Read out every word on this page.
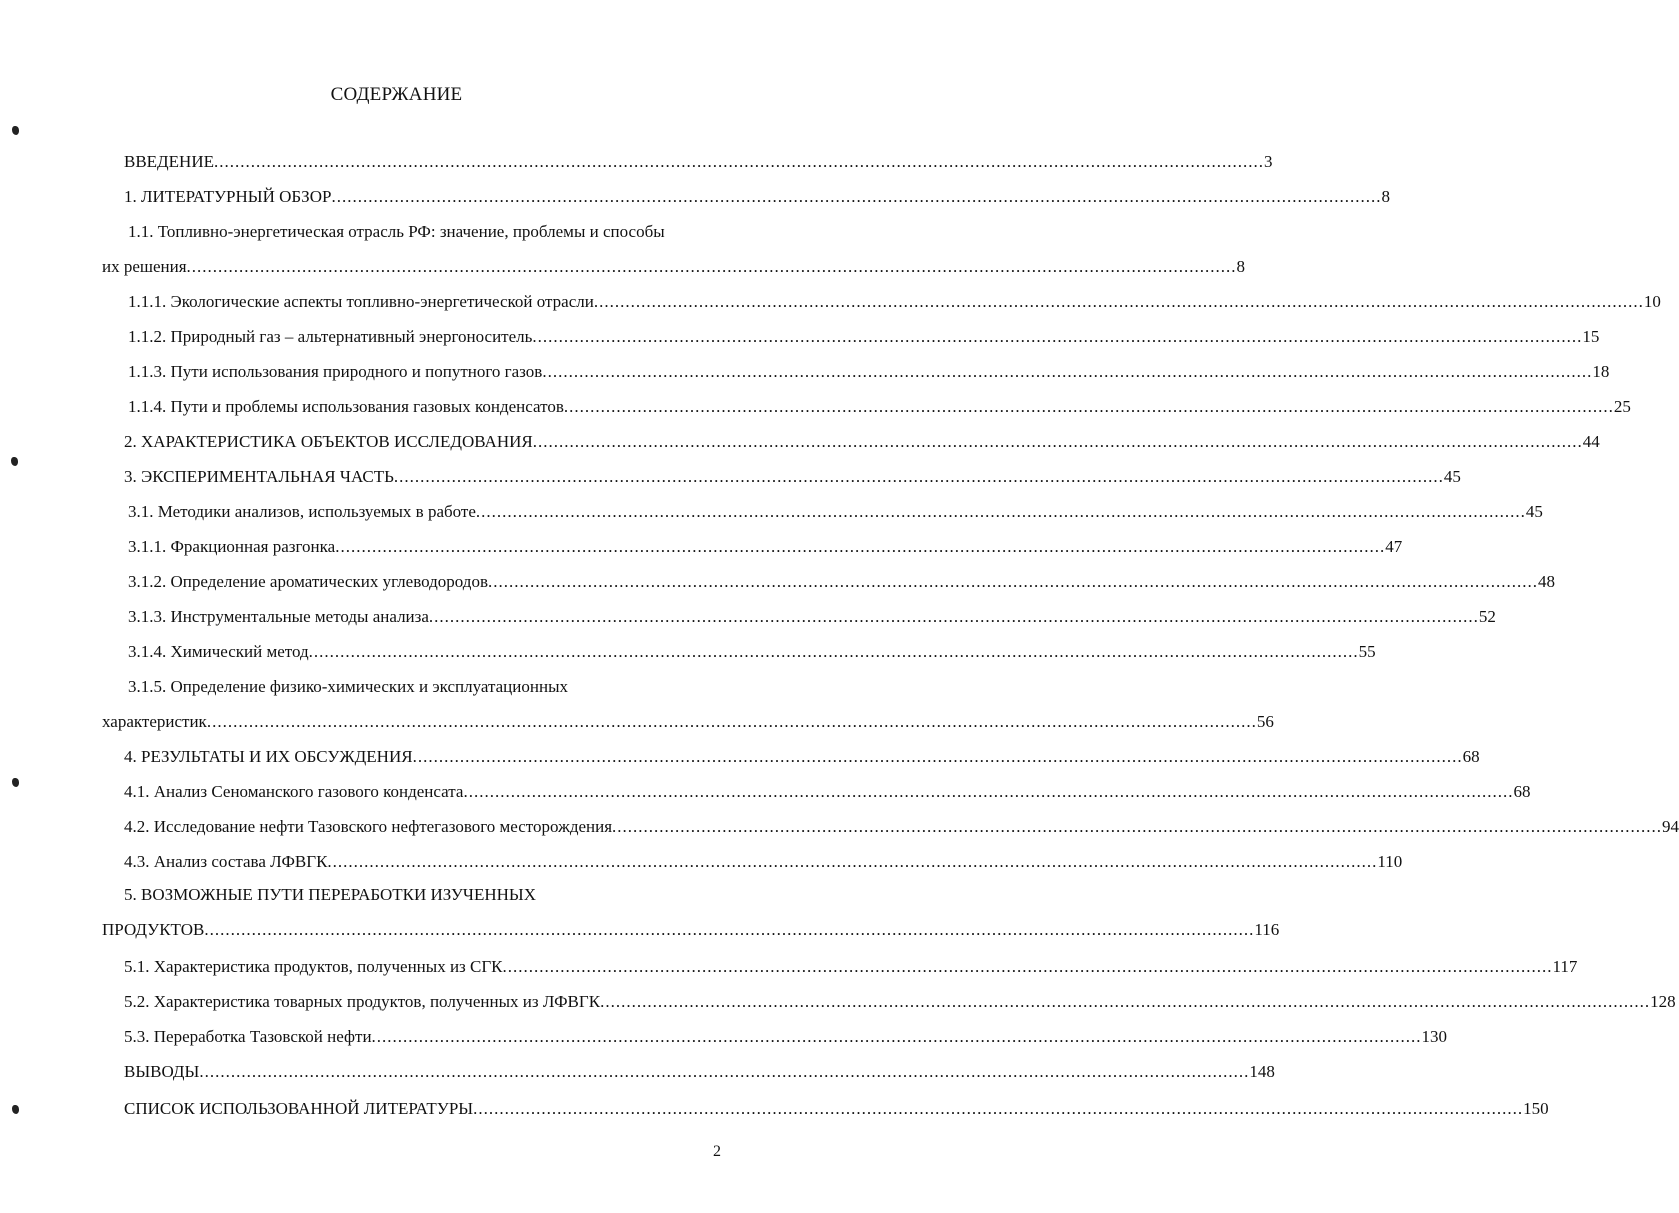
СОДЕРЖАНИЕ
ВВЕДЕНИЕ ........................................................................................................................................................................................................ 3
1. ЛИТЕРАТУРНЫЙ ОБЗОР ........................................................................................................................................................................................................ 8
1.1. Топливно-энергетическая отрасль РФ: значение, проблемы и способы
их решения ........................................................................................................................................................................................................ 8
1.1.1. Экологические аспекты топливно-энергетической отрасли ........................................................................................................................................................................................................ 10
1.1.2. Природный газ – альтернативный энергоноситель ........................................................................................................................................................................................................ 15
1.1.3. Пути использования природного и попутного газов ........................................................................................................................................................................................................ 18
1.1.4. Пути и проблемы использования газовых конденсатов ........................................................................................................................................................................................................ 25
2. ХАРАКТЕРИСТИКА ОБЪЕКТОВ ИССЛЕДОВАНИЯ ........................................................................................................................................................................................................ 44
3. ЭКСПЕРИМЕНТАЛЬНАЯ ЧАСТЬ ........................................................................................................................................................................................................ 45
3.1. Методики анализов, используемых в работе ........................................................................................................................................................................................................ 45
3.1.1. Фракционная разгонка ........................................................................................................................................................................................................ 47
3.1.2. Определение ароматических углеводородов ........................................................................................................................................................................................................ 48
3.1.3. Инструментальные методы анализа ........................................................................................................................................................................................................ 52
3.1.4. Химический метод ........................................................................................................................................................................................................ 55
3.1.5. Определение физико-химических и эксплуатационных
характеристик ........................................................................................................................................................................................................ 56
4. РЕЗУЛЬТАТЫ И ИХ ОБСУЖДЕНИЯ ........................................................................................................................................................................................................ 68
4.1. Анализ Сеноманского газового конденсата ........................................................................................................................................................................................................ 68
4.2. Исследование нефти Тазовского нефтегазового месторождения ........................................................................................................................................................................................................ 94
4.3. Анализ состава ЛФВГК ........................................................................................................................................................................................................ 110
5. ВОЗМОЖНЫЕ ПУТИ ПЕРЕРАБОТКИ ИЗУЧЕННЫХ
ПРОДУКТОВ ........................................................................................................................................................................................................ 116
5.1. Характеристика продуктов, полученных из СГК ........................................................................................................................................................................................................ 117
5.2. Характеристика товарных продуктов, полученных из ЛФВГК ........................................................................................................................................................................................................ 128
5.3. Переработка Тазовской нефти ........................................................................................................................................................................................................ 130
ВЫВОДЫ ........................................................................................................................................................................................................ 148
СПИСОК ИСПОЛЬЗОВАННОЙ ЛИТЕРАТУРЫ ........................................................................................................................................................................................................ 150
2
